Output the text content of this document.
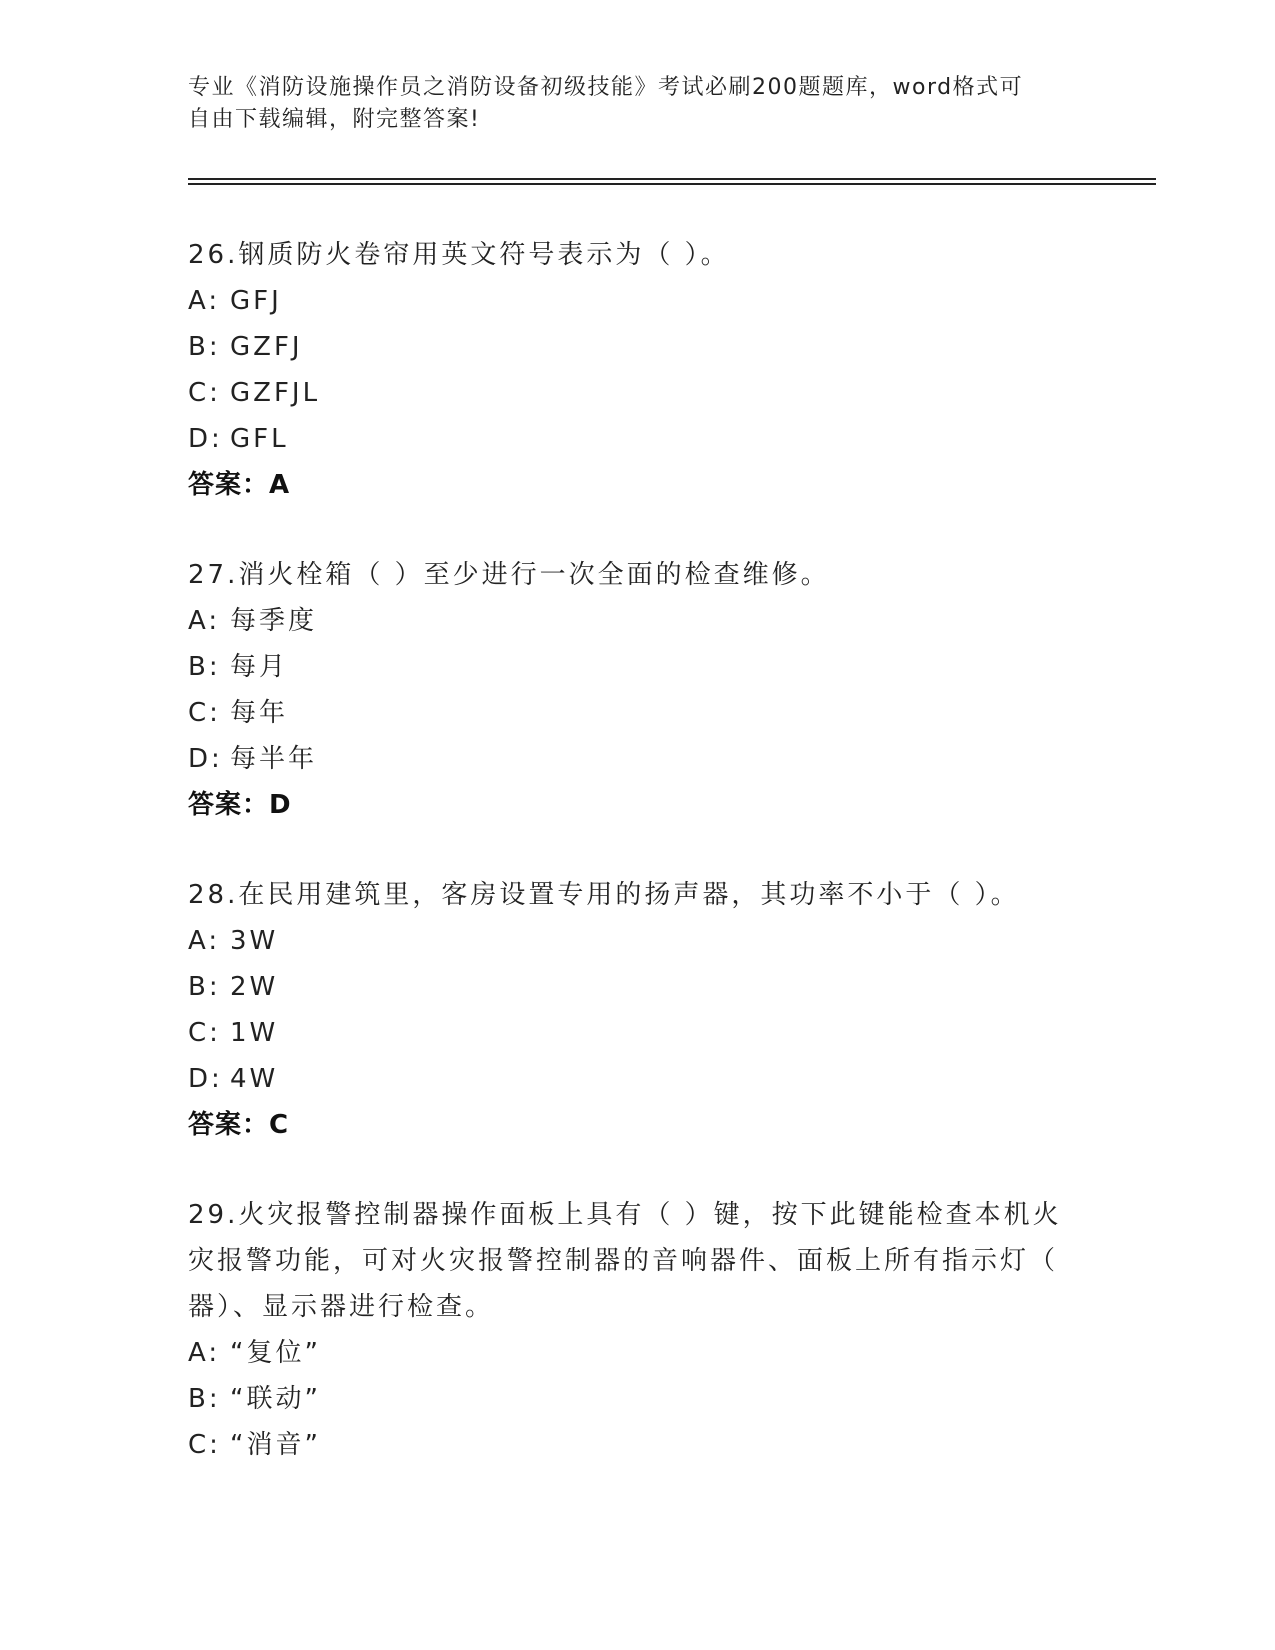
专业《消防设施操作员之消防设备初级技能》考试必刷200题题库，word格式可
自由下载编辑，附完整答案!
26.钢质防火卷帘用英文符号表示为（ ）。
A: GFJ
B: GZFJ
C: GZFJL
D: GFL
答案：A
27.消火栓箱（ ）至少进行一次全面的检查维修。
A: 每季度
B: 每月
C: 每年
D: 每半年
答案：D
28.在民用建筑里，客房设置专用的扬声器，其功率不小于（ ）。
A: 3W
B: 2W
C: 1W
D: 4W
答案：C
29.火灾报警控制器操作面板上具有（ ）键，按下此键能检查本机火
灾报警功能，可对火灾报警控制器的音响器件、面板上所有指示灯（
器）、显示器进行检查。
A: “复位”
B: “联动”
C: “消音”
